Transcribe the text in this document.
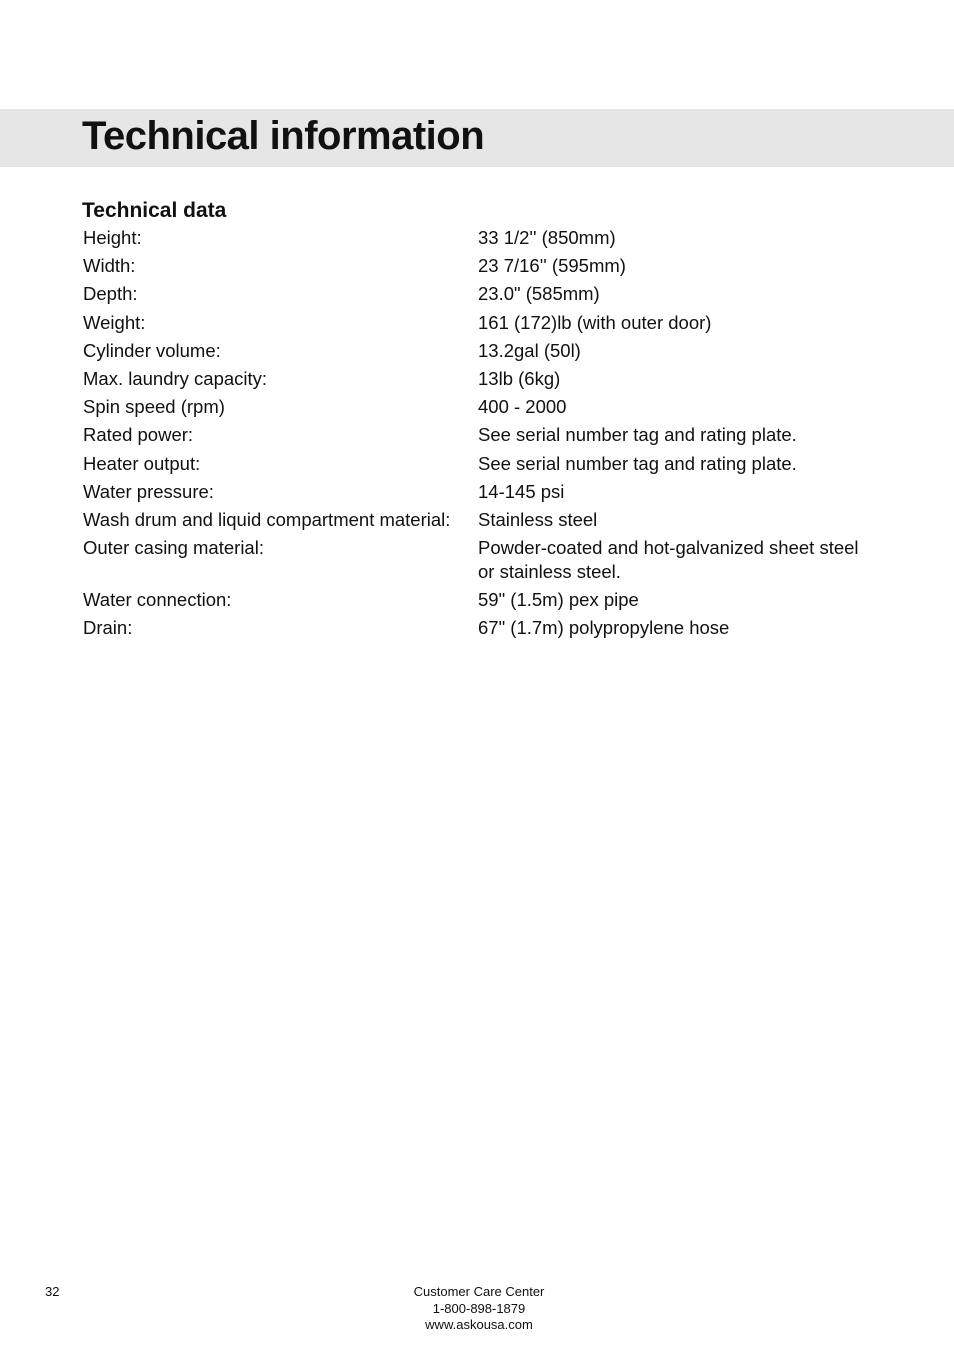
Technical information
Technical data
Height:	33 1/2'' (850mm)
Width:	23 7/16'' (595mm)
Depth:	23.0" (585mm)
Weight:	161 (172)lb (with outer door)
Cylinder volume:	13.2gal (50l)
Max. laundry capacity:	13lb (6kg)
Spin speed (rpm)	400 - 2000
Rated power:	See serial number tag and rating plate.
Heater output:	See serial number tag and rating plate.
Water pressure:	14-145 psi
Wash drum and liquid compartment material:	Stainless steel
Outer casing material:	Powder-coated and hot-galvanized sheet steel
or stainless steel.
Water connection:	59" (1.5m) pex pipe
Drain:	67" (1.7m) polypropylene hose
32	Customer Care Center
1-800-898-1879
www.askousa.com
